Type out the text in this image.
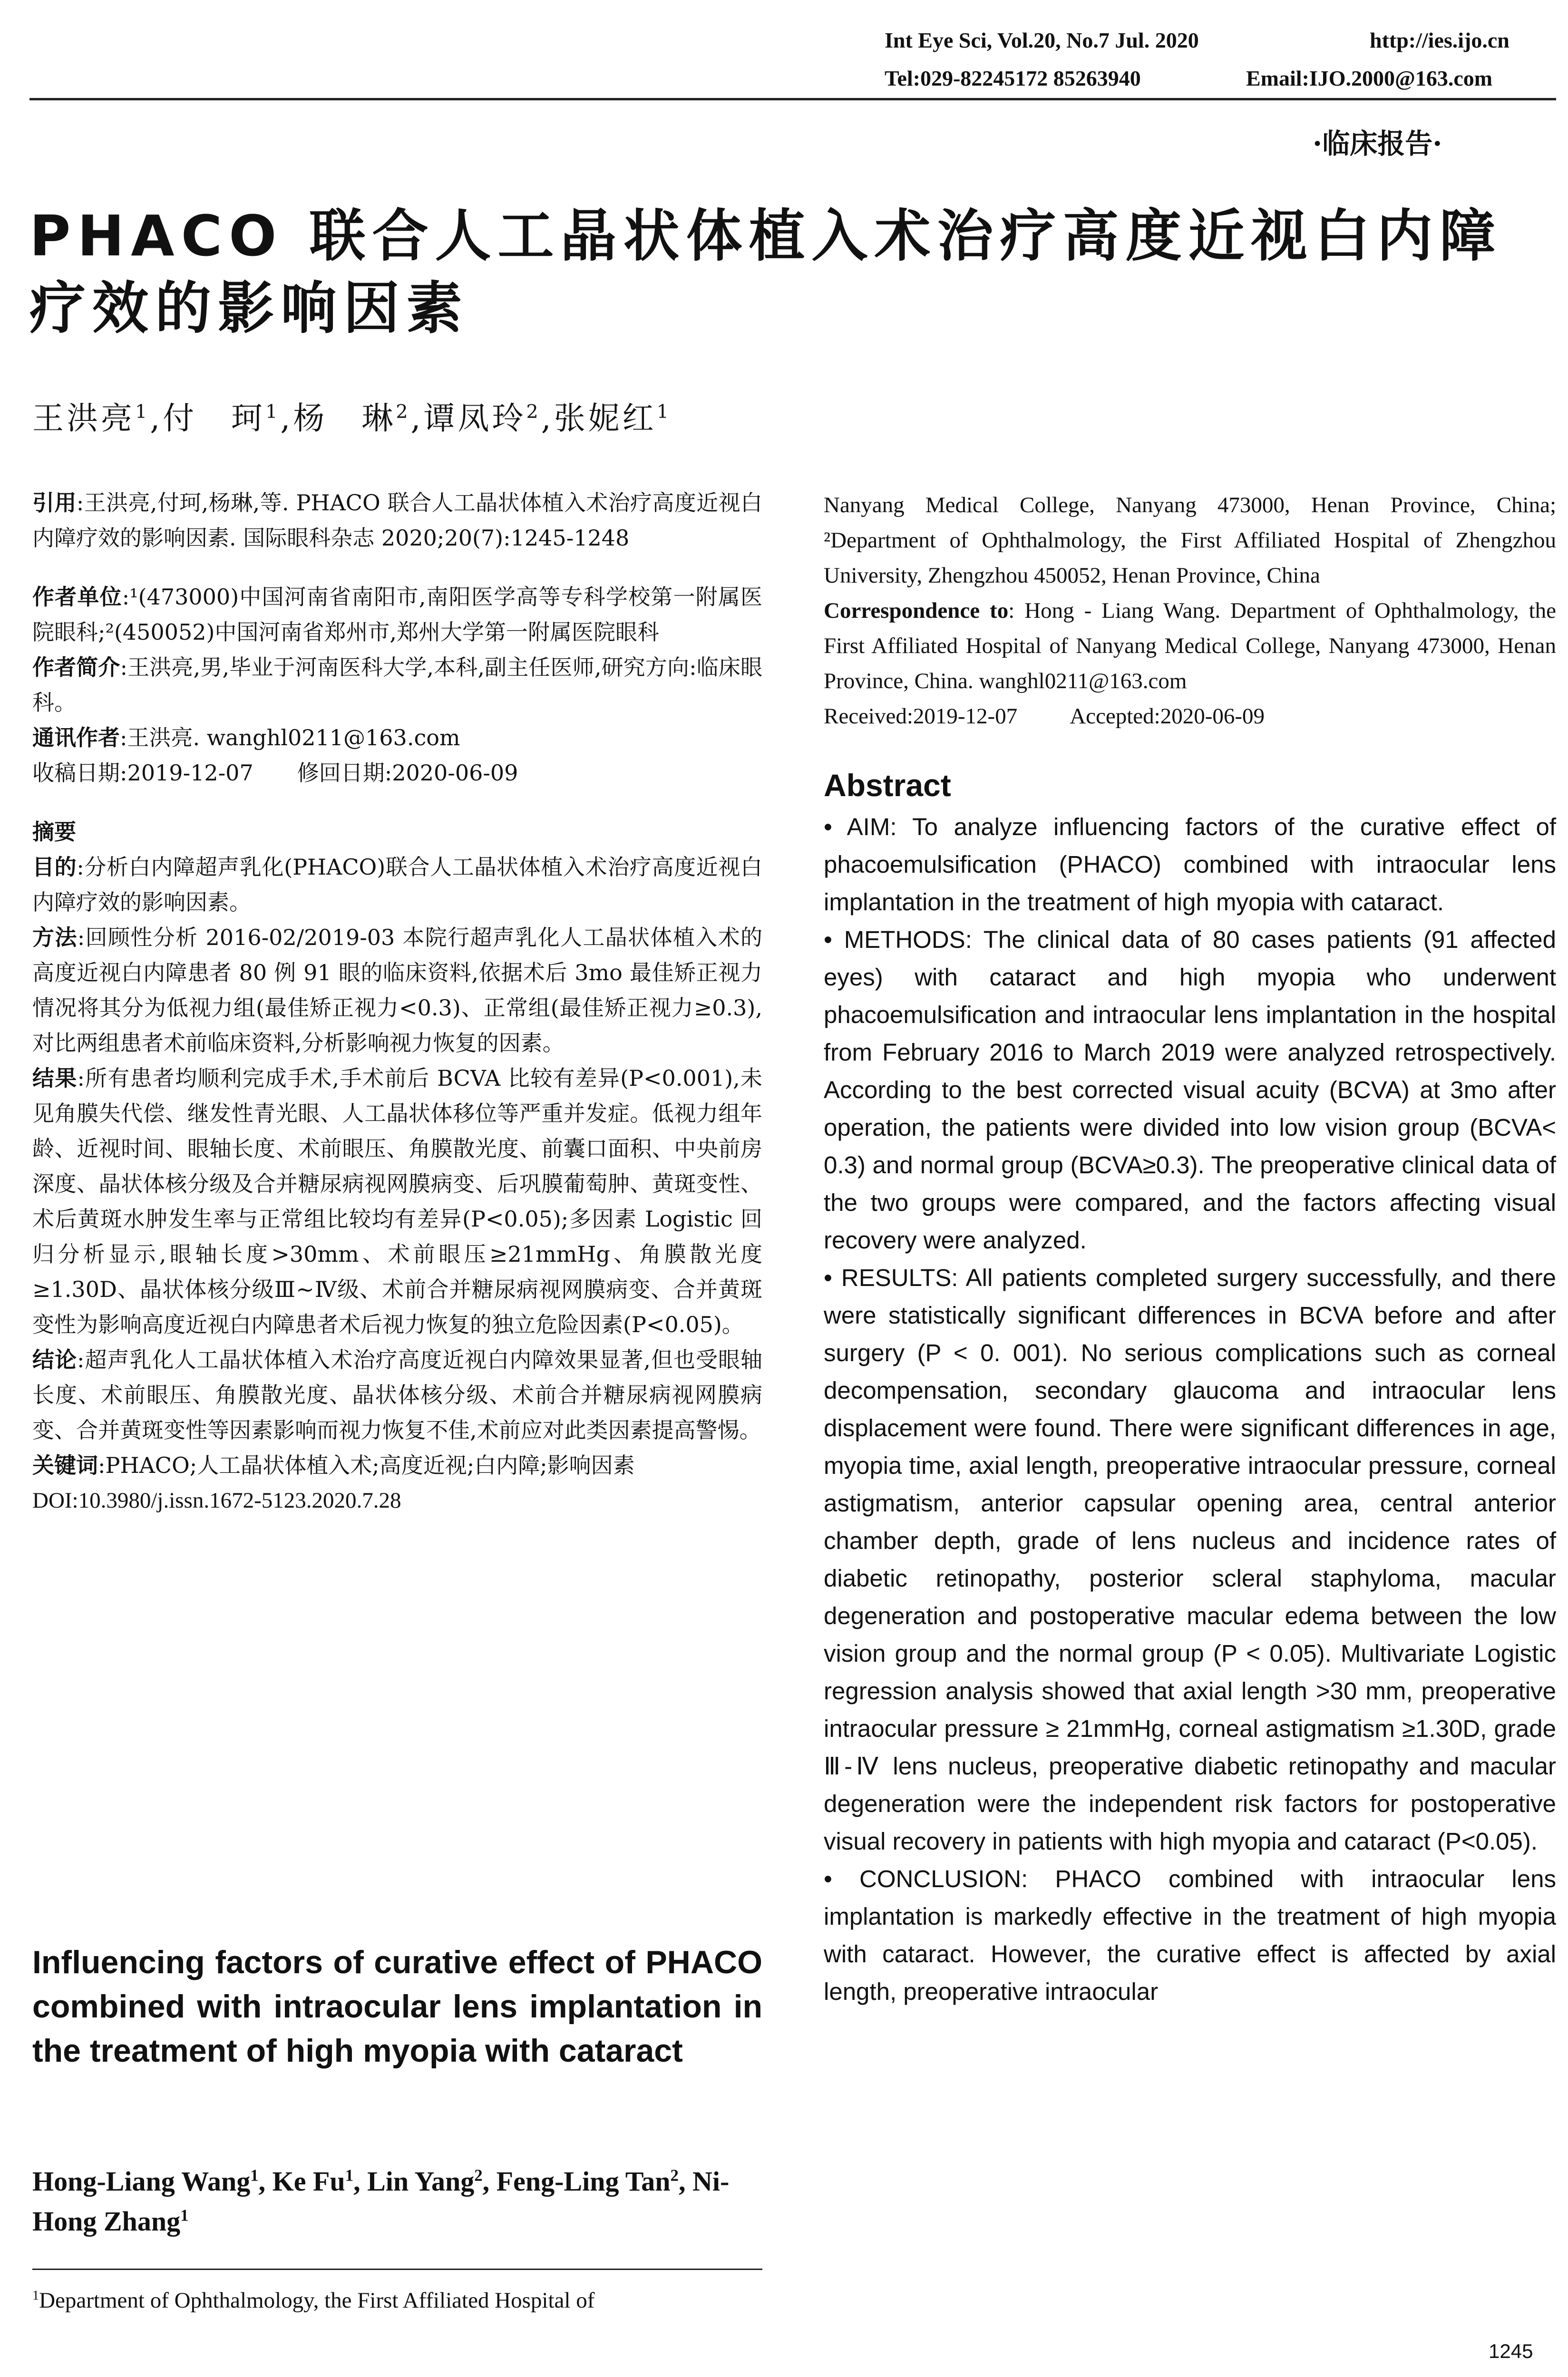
Int Eye Sci, Vol.20, No.7 Jul. 2020	http://ies.ijo.cn
Tel:029-82245172 85263940	Email:IJO.2000@163.com
·临床报告·
PHACO 联合人工晶状体植入术治疗高度近视白内障疗效的影响因素
王洪亮$^1$,付　珂$^1$,杨　琳$^2$,谭凤玲$^2$,张妮红$^1$

引用:王洪亮,付珂,杨琳,等. PHACO 联合人工晶状体植入术治疗高度近视白内障疗效的影响因素. 国际眼科杂志 2020;20(7):1245-1248

作者单位:¹(473000)中国河南省南阳市,南阳医学高等专科学校第一附属医院眼科;²(450052)中国河南省郑州市,郑州大学第一附属医院眼科

作者简介:王洪亮,男,毕业于河南医科大学,本科,副主任医师,研究方向:临床眼科。

通讯作者:王洪亮. wanghl0211@163.com

收稿日期:2019-12-07　　修回日期:2020-06-09

摘要

目的:分析白内障超声乳化(PHACO)联合人工晶状体植入术治疗高度近视白内障疗效的影响因素。

方法:回顾性分析 2016-02/2019-03 本院行超声乳化人工晶状体植入术的高度近视白内障患者 80 例 91 眼的临床资料,依据术后 3mo 最佳矫正视力情况将其分为低视力组(最佳矫正视力<0.3)、正常组(最佳矫正视力≥0.3),对比两组患者术前临床资料,分析影响视力恢复的因素。

结果:所有患者均顺利完成手术,手术前后 BCVA 比较有差异(P<0.001),未见角膜失代偿、继发性青光眼、人工晶状体移位等严重并发症。低视力组年龄、近视时间、眼轴长度、术前眼压、角膜散光度、前囊口面积、中央前房深度、晶状体核分级及合并糖尿病视网膜病变、后巩膜葡萄肿、黄斑变性、术后黄斑水肿发生率与正常组比较均有差异(P<0.05);多因素 Logistic 回归分析显示,眼轴长度>30mm、术前眼压≥21mmHg、角膜散光度≥1.30D、晶状体核分级Ⅲ~Ⅳ级、术前合并糖尿病视网膜病变、合并黄斑变性为影响高度近视白内障患者术后视力恢复的独立危险因素(P<0.05)。

结论:超声乳化人工晶状体植入术治疗高度近视白内障效果显著,但也受眼轴长度、术前眼压、角膜散光度、晶状体核分级、术前合并糖尿病视网膜病变、合并黄斑变性等因素影响而视力恢复不佳,术前应对此类因素提高警惕。

关键词:PHACO;人工晶状体植入术;高度近视;白内障;影响因素

DOI:10.3980/j.issn.1672-5123.2020.7.28

Influencing factors of curative effect of PHACO combined with intraocular lens implantation in the treatment of high myopia with cataract
Hong-Liang Wang$^1$, Ke Fu$^1$, Lin Yang$^2$, Feng-Ling Tan$^2$, Ni-Hong Zhang$^1$
$^1$Department of Ophthalmology, the First Affiliated Hospital of

Nanyang Medical College, Nanyang 473000, Henan Province, China; ²Department of Ophthalmology, the First Affiliated Hospital of Zhengzhou University, Zhengzhou 450052, Henan Province, China

Correspondence to: Hong - Liang Wang. Department of Ophthalmology, the First Affiliated Hospital of Nanyang Medical College, Nanyang 473000, Henan Province, China. wanghl0211@163.com

Received:2019-12-07 Accepted:2020-06-09

Abstract

• AIM: To analyze influencing factors of the curative effect of phacoemulsification (PHACO) combined with intraocular lens implantation in the treatment of high myopia with cataract.

• METHODS: The clinical data of 80 cases patients (91 affected eyes) with cataract and high myopia who underwent phacoemulsification and intraocular lens implantation in the hospital from February 2016 to March 2019 were analyzed retrospectively. According to the best corrected visual acuity (BCVA) at 3mo after operation, the patients were divided into low vision group (BCVA< 0.3) and normal group (BCVA≥0.3). The preoperative clinical data of the two groups were compared, and the factors affecting visual recovery were analyzed.

• RESULTS: All patients completed surgery successfully, and there were statistically significant differences in BCVA before and after surgery (P < 0. 001). No serious complications such as corneal decompensation, secondary glaucoma and intraocular lens displacement were found. There were significant differences in age, myopia time, axial length, preoperative intraocular pressure, corneal astigmatism, anterior capsular opening area, central anterior chamber depth, grade of lens nucleus and incidence rates of diabetic retinopathy, posterior scleral staphyloma, macular degeneration and postoperative macular edema between the low vision group and the normal group (P < 0.05). Multivariate Logistic regression analysis showed that axial length >30 mm, preoperative intraocular pressure ≥ 21mmHg, corneal astigmatism ≥1.30D, grade Ⅲ-Ⅳ lens nucleus, preoperative diabetic retinopathy and macular degeneration were the independent risk factors for postoperative visual recovery in patients with high myopia and cataract (P<0.05).

• CONCLUSION: PHACO combined with intraocular lens implantation is markedly effective in the treatment of high myopia with cataract. However, the curative effect is affected by axial length, preoperative intraocular

1245
